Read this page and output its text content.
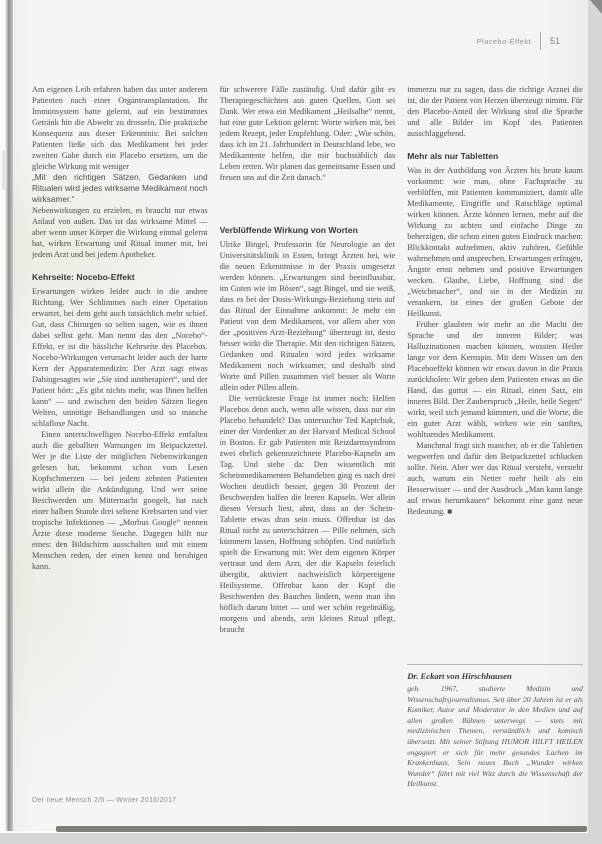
Placebo-Effekt 51

Am eigenen Leib erfahren haben das unter anderem Patienten nach einer Organtransplantation. Ihr Immunsystem hatte gelernt, auf ein bestimmtes Getränk hin die Abwehr zu drosseln. Die praktische Konsequenz aus dieser Erkenntnis: Bei solchen Patienten ließe sich das Medikament bei jeder zweiten Gabe durch ein Placebo ersetzen, um die gleiche Wirkung mit weniger

„Mit den richtigen Sätzen, Gedanken und Ritualen wird jedes wirksame Medikament noch wirksamer.“

Nebenwirkungen zu erzielen, es braucht nur etwas Anlauf von außen. Das ist das wirksame Mittel — aber wenn unser Körper die Wirkung einmal gelernt hat, wirken Erwartung und Ritual immer mit, bei jedem Arzt und bei jedem Apotheker.

Kehrseite: Nocebo-Effekt

Erwartungen wirken leider auch in die andere Richtung. Wer Schlimmes nach einer Operation erwartet, bei dem geht auch tatsächlich mehr schief. Gut, dass Chirurgen so selten sagen, wie es ihnen dabei selbst geht. Man nennt das den „Nocebo“-Effekt, er ist die hässliche Kehrseite des Placebos. Nocebo-Wirkungen verursacht leider auch der harte Kern der Apparatemedizin: Der Arzt sagt etwas Dahingesagtes wie „Sie sind austherapiert“, und der Patient hört: „Es gibt nichts mehr, was Ihnen helfen kann“ — und zwischen den beiden Sätzen liegen Welten, unnötige Behandlungen und so manche schlaflose Nacht.

Einen unterschwelligen Nocebo-Effekt entfalten auch die geballten Warnungen im Beipackzettel. Wer je die Liste der möglichen Nebenwirkungen gelesen hat, bekommt schon vom Lesen Kopfschmerzen — bei jedem zehnten Patienten wirkt allein die Ankündigung. Und wer seine Beschwerden um Mitternacht googelt, hat nach einer halben Stunde drei seltene Krebsarten und vier tropische Infektionen — „Morbus Google“ nennen Ärzte diese moderne Seuche. Dagegen hilft nur eines: den Bildschirm ausschalten und mit einem Menschen reden, der einen kennt und beruhigen kann.

für schwerere Fälle zuständig. Und dafür gibt es Therapiegeschichten aus guten Quellen, Gott sei Dank. Wer etwa ein Medikament „Heilsalbe“ nennt, hat eine gute Lektion gelernt: Worte wirken mit, bei jedem Rezept, jeder Empfehlung. Oder: „Wie schön, dass ich im 21. Jahrhundert in Deutschland lebe, wo Medikamente helfen, die mir buchstäblich das Leben retten. Wir planen das gemeinsame Essen und freuen uns auf die Zeit danach.“

Verblüffende Wirkung von Worten

Ulrike Bingel, Professorin für Neurologie an der Universitätsklinik in Essen, bringt Ärzten bei, wie die neuen Erkenntnisse in der Praxis umgesetzt werden können. „Erwartungen sind beeinflussbar, im Guten wie im Bösen“, sagt Bingel, und sie weiß, dass es bei der Dosis-Wirkungs-Beziehung stets auf das Ritual der Einnahme ankommt: Je mehr ein Patient von dem Medikament, vor allem aber von der „positiven Arzt-Beziehung“ überzeugt ist, desto besser wirkt die Therapie. Mit den richtigen Sätzen, Gedanken und Ritualen wird jedes wirksame Medikament noch wirksamer, und deshalb sind Worte und Pillen zusammen viel besser als Worte allein oder Pillen allein.

Die verrückteste Frage ist immer noch: Helfen Placebos denn auch, wenn alle wissen, dass nur ein Placebo behandelt? Das untersuchte Ted Kaptchuk, einer der Vordenker an der Harvard Medical School in Boston. Er gab Patienten mit Reizdarmsyndrom zwei ehrlich gekennzeichnete Placebo-Kapseln am Tag. Und siehe da: Den wissentlich mit Scheinmedikamenten Behandelten ging es nach drei Wochen deutlich besser, gegen 30 Prozent der Beschwerden halfen die leeren Kapseln. Wer allein diesen Versuch liest, ahnt, dass an der Schein-Tablette etwas dran sein muss. Offenbar ist das Ritual nicht zu unterschätzen — Pille nehmen, sich kümmern lassen, Hoffnung schöpfen. Und natürlich spielt die Erwartung mit: Wer dem eigenen Körper vertraut und dem Arzt, der die Kapseln feierlich übergibt, aktiviert nachweislich körpereigene Heilsysteme. Offenbar kann der Kopf die Beschwerden des Bauches lindern, wenn man ihn höflich darum bittet — und wer schön regelmäßig, morgens und abends, sein kleines Ritual pflegt, braucht

immerzu nur zu sagen, dass die richtige Arznei die ist, die der Patient von Herzen überzeugt nimmt. Für den Placebo-Anteil der Wirkung sind die Sprache und alle Bilder im Kopf des Patienten ausschlaggebend.

Mehr als nur Tabletten

Was in der Ausbildung von Ärzten bis heute kaum vorkommt: wie man, ohne Fachsprache zu verblüffen, mit Patienten kommuniziert, damit alle Medikamente, Eingriffe und Ratschläge optimal wirken können. Ärzte können lernen, mehr auf die Wirkung zu achten und einfache Dinge zu beherzigen, die schon einen guten Eindruck machen: Blickkontakt aufnehmen, aktiv zuhören, Gefühle wahrnehmen und ansprechen, Erwartungen erfragen, Ängste ernst nehmen und positive Erwartungen wecken. Glaube, Liebe, Hoffnung sind die „Weichmacher“, und sie in der Medizin zu verankern, ist eines der großen Gebote der Heilkunst.

Früher glaubten wir mehr an die Macht der Sprache und der inneren Bilder; was Halluzinationen machen können, wussten Heiler lange vor dem Kernspin. Mit dem Wissen um den Placeboeffekt können wir etwas davon in die Praxis zurückholen: Wir geben dem Patienten etwas an die Hand, das guttut — ein Ritual, einen Satz, ein inneres Bild. Der Zauberspruch „Heile, heile Segen“ wirkt, weil sich jemand kümmert, und die Worte, die ein guter Arzt wählt, wirken wie ein sanftes, wohltuendes Medikament.

Manchmal fragt sich mancher, ob er die Tabletten wegwerfen und dafür den Beipackzettel schlucken sollte. Nein. Aber wer das Ritual versteht, versteht auch, warum ein Netter mehr heilt als ein Besserwisser — und der Ausdruck „Man kann lange auf etwas herumkauen“ bekommt eine ganz neue Bedeutung. ■

Dr. Eckart von Hirschhausen

geb. 1967, studierte Medizin und Wissenschaftsjournalismus. Seit über 20 Jahren ist er als Komiker, Autor und Moderator in den Medien und auf allen großen Bühnen unterwegs — stets mit medizinischen Themen, verständlich und komisch übersetzt. Mit seiner Stiftung HUMOR HILFT HEILEN engagiert er sich für mehr gesundes Lachen im Krankenhaus. Sein neues Buch „Wunder wirken Wunder“ führt mit viel Witz durch die Wissenschaft der Heilkunst.

Der neue Mensch 2/5 — Winter 2016/2017
